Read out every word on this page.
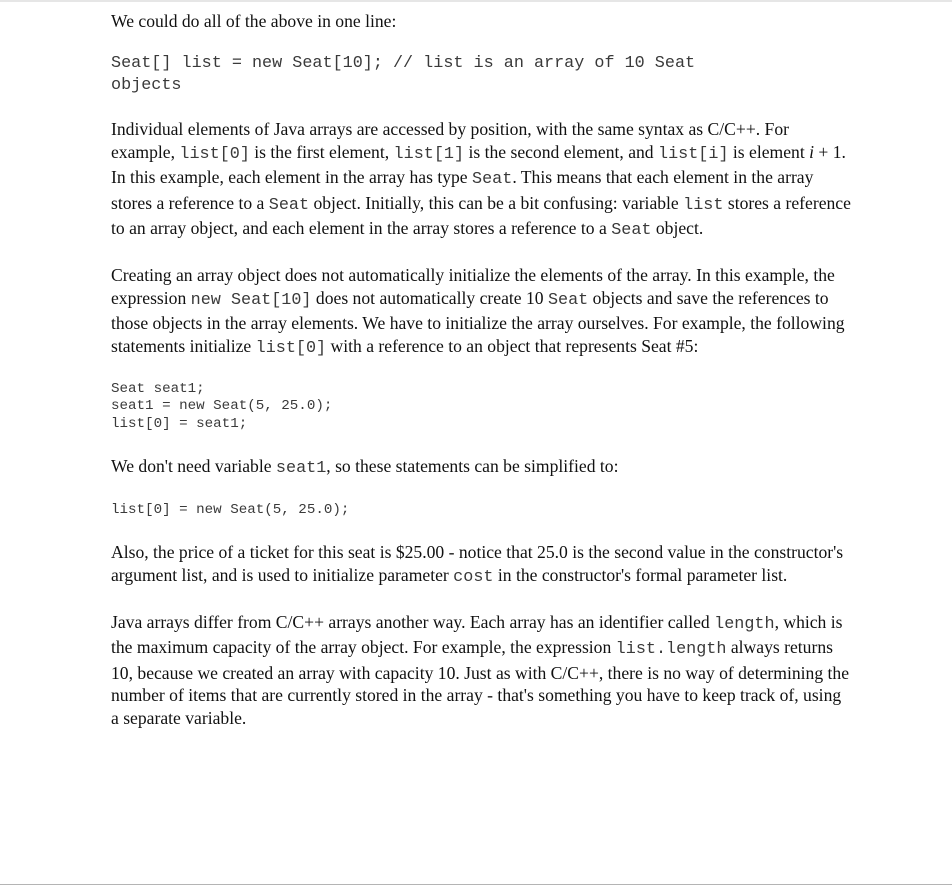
We could do all of the above in one line:

Seat[] list = new Seat[10]; // list is an array of 10 Seat
objects

Individual elements of Java arrays are accessed by position, with the same syntax as C/C++. For example, list[0] is the first element, list[1] is the second element, and list[i] is element i + 1. In this example, each element in the array has type Seat. This means that each element in the array stores a reference to a Seat object. Initially, this can be a bit confusing: variable list stores a reference to an array object, and each element in the array stores a reference to a Seat object.

Creating an array object does not automatically initialize the elements of the array. In this example, the expression new Seat[10] does not automatically create 10 Seat objects and save the references to those objects in the array elements. We have to initialize the array ourselves. For example, the following statements initialize list[0] with a reference to an object that represents Seat #5:

Seat seat1;
seat1 = new Seat(5, 25.0);
list[0] = seat1;

We don't need variable seat1, so these statements can be simplified to:

list[0] = new Seat(5, 25.0);

Also, the price of a ticket for this seat is $25.00 - notice that 25.0 is the second value in the constructor's argument list, and is used to initialize parameter cost in the constructor's formal parameter list.

Java arrays differ from C/C++ arrays another way. Each array has an identifier called length, which is the maximum capacity of the array object. For example, the expression list.length always returns 10, because we created an array with capacity 10. Just as with C/C++, there is no way of determining the number of items that are currently stored in the array - that's something you have to keep track of, using a separate variable.
